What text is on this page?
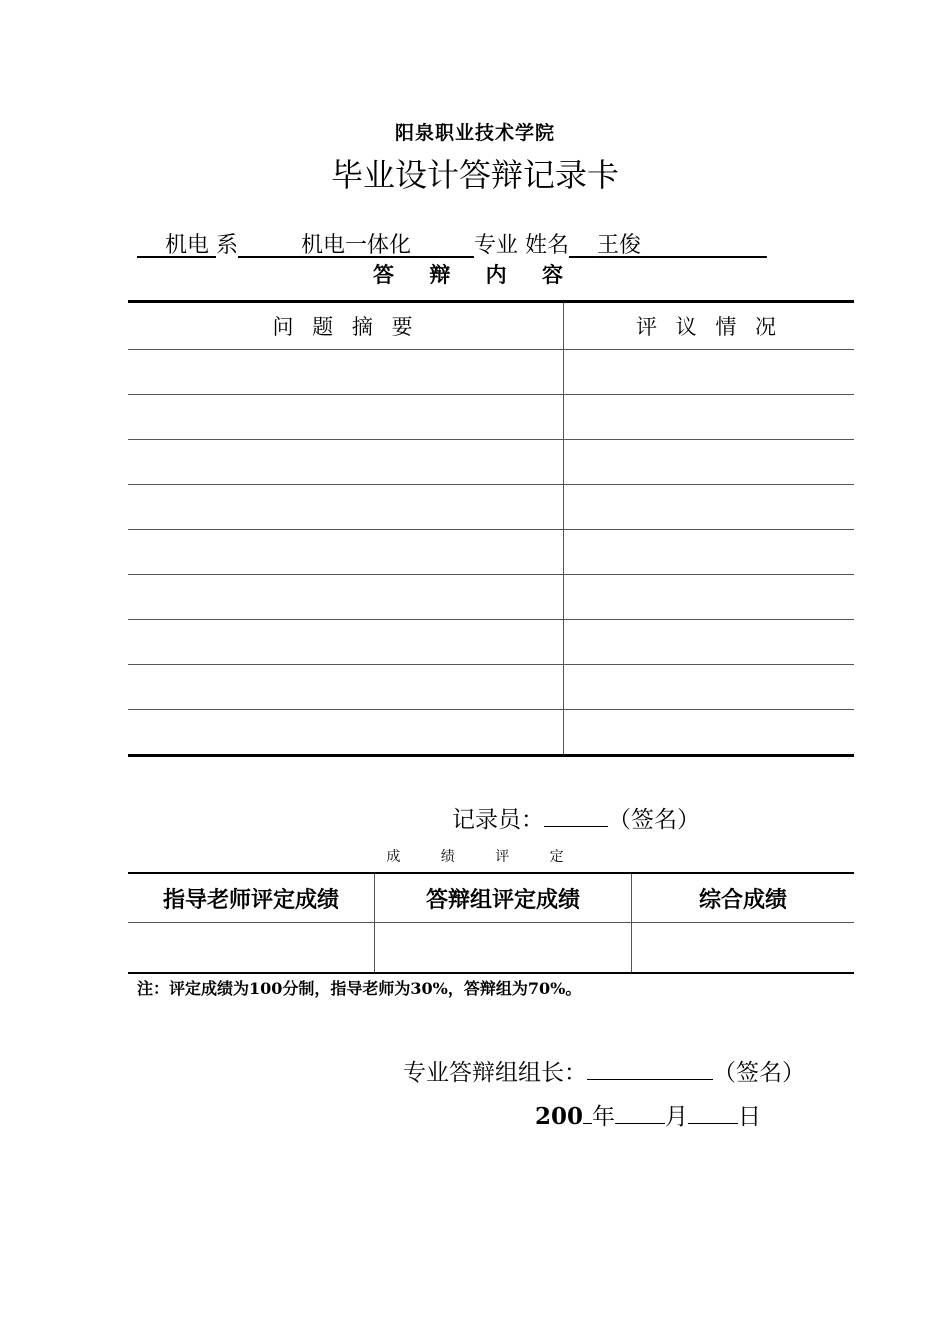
阳泉职业技术学院
毕业设计答辩记录卡
机电 系	机电一体化	专业 姓名 王俊
答 辩 内 容
问 题 摘 要	评 议 情 况

记录员：	（签名）
成 绩 评 定
指导老师评定成绩	答辩组评定成绩	综合成绩

注：评定成绩为100分制，指导老师为30%，答辩组为70%。
专业答辩组组长：	（签名）
200 年 月 日
